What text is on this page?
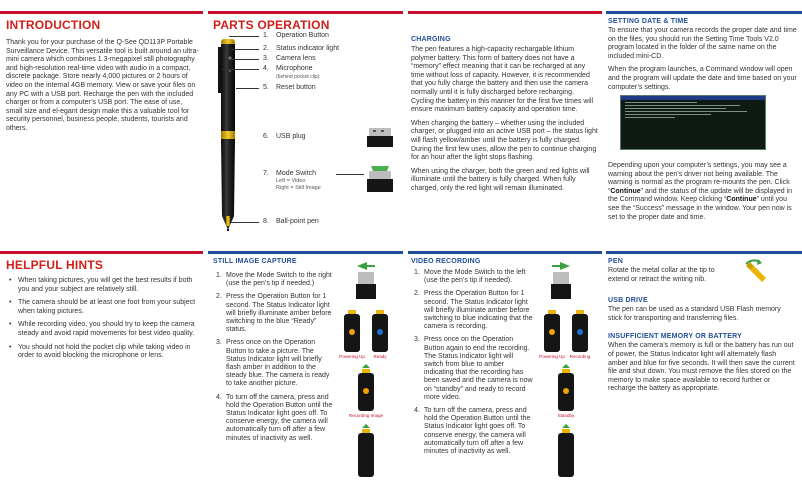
INTRODUCTION
Thank you for your purchase of the Q-See QD113P Portable Surveillance Device. This versatile tool is built around an ultra-mini camera which combines 1.3-megapixel still photography and high-resolution real-time video with audio in a compact, discrete package. Store nearly 4,000 pictures or 2 hours of video on the internal 4GB memory. View or save your files on any PC with a USB port. Recharge the pen with the included charger or from a computer’s USB port. The ease of use, small size and el-egant design make this a valuable tool for security personnel, business people, students, tourists and others.
PARTS OPERATION
1. Operation Button
2. Status indicator light
3. Camera lens
4. Microphone
(behind pocket clip)
5. Reset button
6. USB plug
7. Mode Switch
Left = Video
Right = Still Image
8. Ball-point pen
CHARGING

The pen features a high-capacity rechargable lithium polymer battery. This form of battery does not have a “memory” effect meaning that it can be recharged at any time without loss of capacity. However, it is recommended that you fully charge the battery and then use the camera normally until it is fully discharged before recharging. Cycling the battery in this manner for the first five times will ensure maximum battery capacity and operation time.

When charging the battery – whether using the included charger, or plugged into an active USB port – the status light will flash yellow/amber until the battery is fully charged. During the first few uses, allow the pen to continue charging for an hour after the light stops flashing.

When using the charger, both the green and red lights will illuminate until the battery is fully charged. When fully charged, only the red light will remain illuminated.

SETTING DATE & TIME

To ensure that your camera records the proper date and time on the files, you should run the Setting Time Tools V2.0 program located in the folder of the same name on the included mini-CD.

When the program launches, a Command window will open and the program will update the date and time based on your computer’s settings.

Depending upon your computer’s settings, you may see a warning about the pen’s driver not being available. The warning is normal as the program re-mounts the pen. Click “Continue” and the status of the update will be displayed in the Command window. Keep clicking “Continue” until you see the “Success” message in the window. Your pen now is set to the proper date and time.
HELPFUL HINTS
• When taking pictures, you will get the best results if both you and your subject are relatively still.
• The camera should be at least one foot from your subject when taking pictures.
• While recording video, you should try to keep the camera steady and avoid rapid movements for best video quality.
• You should not hold the pocket clip while taking video in order to avoid blocking the microphone or lens.
STILL IMAGE CAPTURE
Move the Mode Switch to the right (use the pen’s tip if needed.)
Press the Operation Button for 1 second. The Status Indicator light will briefly illuminate amber before switching to the blue “Ready” status.
Press once on the Operation Button to take a picture. The Status Indicator light will briefly flash amber in addition to the steady blue. The camera is ready to take another picture.
To turn off the camera, press and hold the Operation Button until the Status Indicator light goes off. To conserve energy, the camera will automatically turn off after a few minutes of inactivity as well.
Powering Up	Ready
Recording Image
VIDEO RECORDING
Move the Mode Switch to the left (use the pen’s tip if needed).
Press the Operation Button for 1 second. The Status Indicator light will briefly illuminate amber before switching to blue indicating that the camera is recording.
Press once on the Operation Button again to end the recording. The Status Indicator light will switch from blue to amber indicating that the recording has been saved and the camera is now on “standby” and ready to record more video.
To turn off the camera, press and hold the Operation Button until the Status Indicator light goes off. To conserve energy, the camera will automatically turn off after a few minutes of inactivity as well.
Powering Up	Recording
Standby
PEN
Rotate the metal collar at the tip to extend or retract the writing nib.
USB DRIVE
The pen can be used as a standard USB Flash memory stick for transporting and transferring files.
INSUFFICIENT MEMORY OR BATTERY
When the camera’s memory is full or the battery has run out of power, the Status Indicator light will alternately flash amber and blue for five seconds. It will then save the current file and shut down. You must remove the files stored on the memory to make space available to record further or recharge the battery as appropriate.
